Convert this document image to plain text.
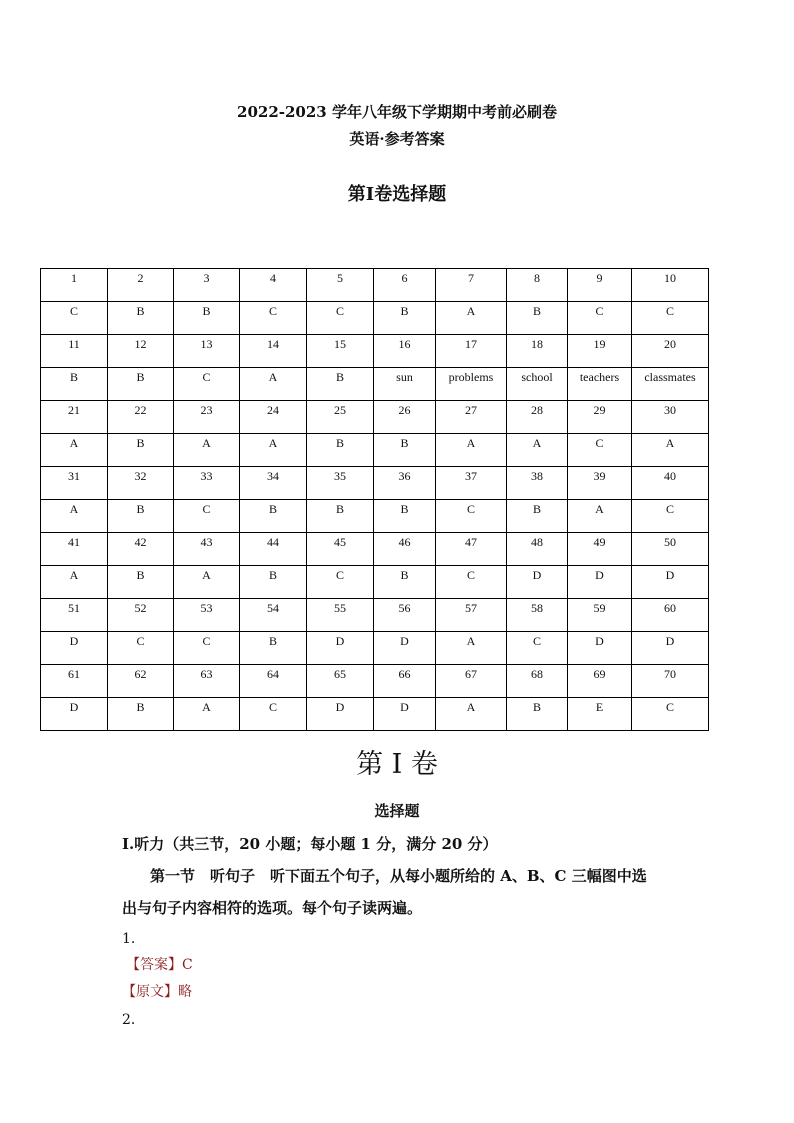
2022-2023 学年八年级下学期期中考前必刷卷
英语·参考答案
第Ⅰ卷选择题
1	2	3	4	5	6	7	8	9	10
C	B	B	C	C	B	A	B	C	C
11	12	13	14	15	16	17	18	19	20
B	B	C	A	B	sun	problems	school	teachers	classmates
21	22	23	24	25	26	27	28	29	30
A	B	A	A	B	B	A	A	C	A
31	32	33	34	35	36	37	38	39	40
A	B	C	B	B	B	C	B	A	C
41	42	43	44	45	46	47	48	49	50
A	B	A	B	C	B	C	D	D	D
51	52	53	54	55	56	57	58	59	60
D	C	C	B	D	D	A	C	D	D
61	62	63	64	65	66	67	68	69	70
D	B	A	C	D	D	A	B	E	C
第 I 卷
选择题
Ⅰ.听力（共三节，20 小题；每小题 1 分，满分 20 分）
第一节　听句子　听下面五个句子，从每小题所给的 A、B、C 三幅图中选
出与句子内容相符的选项。每个句子读两遍。
1．
【答案】C
【原文】略
2．
